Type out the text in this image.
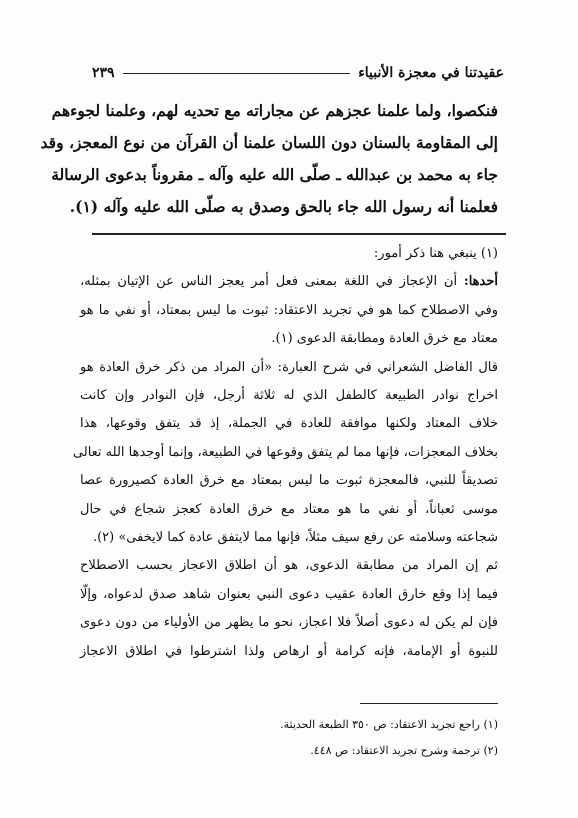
عقيدتنا في معجزة الأنبياء
٢٣٩

فنكصوا، ولما علمنا عجزهم عن مجاراته مع تحديه لهم، وعلمنا لجوءهم

إلى المقاومة بالسنان دون اللسان علمنا أن القرآن من نوع المعجز، وقد

جاء به محمد بن عبدالله ـ صلّى الله عليه وآله ـ مقروناً بدعوى الرسالة

فعلمنا أنه رسول الله جاء بالحق وصدق به صلّى الله عليه وآله (١).

(١) ينبغي هنا ذكر أمور:

أحدها: أن الإعجاز في اللغة بمعنى فعل أمر يعجز الناس عن الإتيان بمثله،

وفي الاصطلاح كما هو في تجريد الاعتقاد: ثبوت ما ليس بمعتاد، أو نفي ما هو

معتاد مع خرق العادة ومطابقة الدعوى (١).

قال الفاضل الشعراني في شرح العبارة: «أن المراد من ذكر خرق العادة هو

اخراج نوادر الطبيعة كالطفل الذي له ثلاثة أرجل، فإن النوادر وإن كانت

خلاف المعتاد ولكنها موافقة للعادة في الجملة، إذ قد يتفق وقوعها، هذا

بخلاف المعجزات، فإنها مما لم يتفق وقوعها في الطبيعة، وإنما أوجدها الله تعالى

تصديقاً للنبي، فالمعجزة ثبوت ما ليس بمعتاد مع خرق العادة كصيرورة عصا

موسى ثعباناً، أو نفي ما هو معتاد مع خرق العادة كعجز شجاع في حال

شجاعته وسلامته عن رفع سيف مثلاً، فإنها مما لايتفق عادة كما لايخفى» (٢).

ثم إن المراد من مطابقة الدعوى، هو أن اطلاق الاعجاز بحسب الاصطلاح

فيما إذا وقع خارق العادة عقيب دعوى النبي بعنوان شاهد صدق لدعواه، وإلّا

فإن لم يكن له دعوى أصلاً فلا اعجاز، نحو ما يظهر من الأولياء من دون دعوى

للنبوة أو الإمامة، فإنه كرامة أو ارهاص ولذا اشترطوا في اطلاق الاعجاز

(١) راجع تجريد الاعتقاد: ص ٣٥٠ الطبعة الحديثة.

(٢) ترجمة وشرح تجريد الاعتقاد: ص ٤٤٨.
